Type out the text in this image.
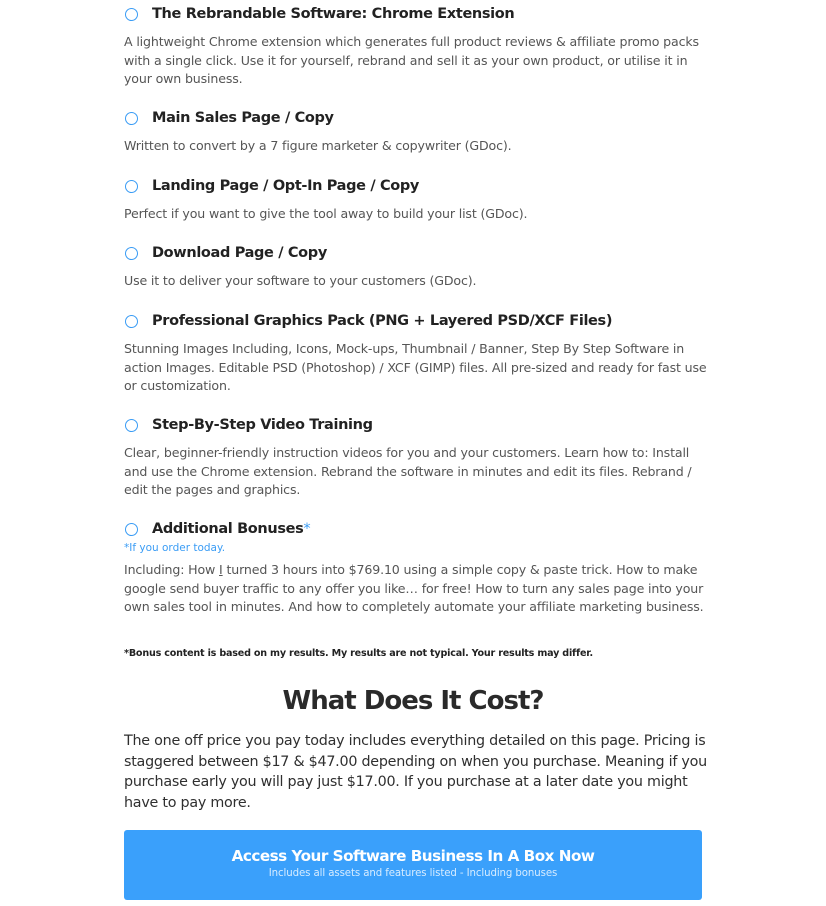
The Rebrandable Software: Chrome Extension
A lightweight Chrome extension which generates full product reviews & affiliate promo packs with a single click. Use it for yourself, rebrand and sell it as your own product, or utilise it in your own business.
Main Sales Page / Copy
Written to convert by a 7 figure marketer & copywriter (GDoc).
Landing Page / Opt-In Page / Copy
Perfect if you want to give the tool away to build your list (GDoc).
Download Page / Copy
Use it to deliver your software to your customers (GDoc).
Professional Graphics Pack (PNG + Layered PSD/XCF Files)
Stunning Images Including, Icons, Mock-ups, Thumbnail / Banner, Step By Step Software in action Images. Editable PSD (Photoshop) / XCF (GIMP) files. All pre-sized and ready for fast use or customization.
Step-By-Step Video Training
Clear, beginner-friendly instruction videos for you and your customers. Learn how to: Install and use the Chrome extension. Rebrand the software in minutes and edit its files. Rebrand / edit the pages and graphics.
Additional Bonuses*
*If you order today.
Including: How I turned 3 hours into $769.10 using a simple copy & paste trick. How to make google send buyer traffic to any offer you like… for free! How to turn any sales page into your own sales tool in minutes. And how to completely automate your affiliate marketing business.
*Bonus content is based on my results. My results are not typical. Your results may differ.
What Does It Cost?

The one off price you pay today includes everything detailed on this page. Pricing is staggered between $17 & $47.00 depending on when you purchase. Meaning if you purchase early you will pay just $17.00. If you purchase at a later date you might have to pay more.

Access Your Software Business In A Box Now
Includes all assets and features listed - Including bonuses
